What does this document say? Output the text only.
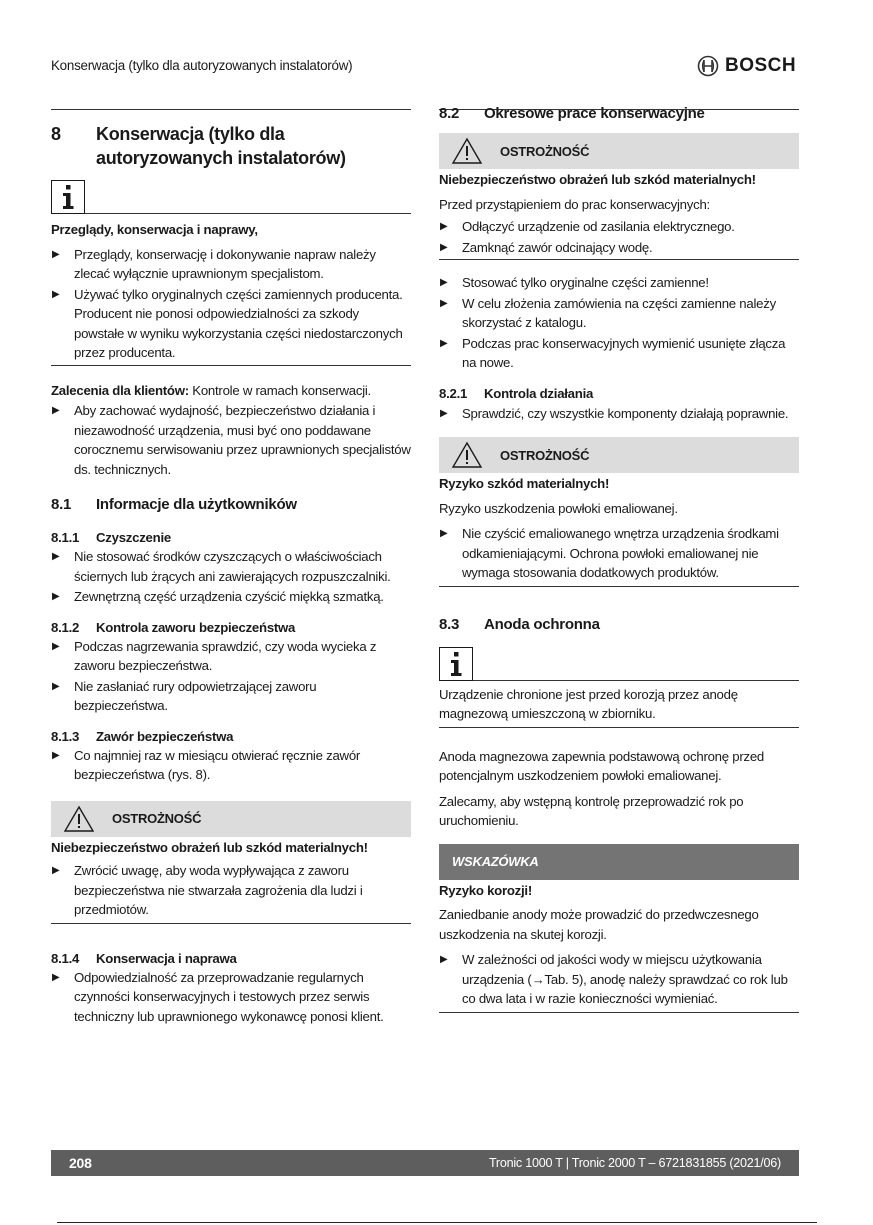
Konserwacja (tylko dla autoryzowanych instalatorów)	BOSCH
8	Konserwacja (tylko dla autoryzowanych instalatorów)

Przeglądy, konserwacja i naprawy,

▶ Przeglądy, konserwację i dokonywanie napraw należy zlecać wyłącznie uprawnionym specjalistom.
▶ Używać tylko oryginalnych części zamiennych producenta. Producent nie ponosi odpowiedzialności za szkody powstałe w wyniku wykorzystania części niedostarczonych przez producenta.

Zalecenia dla klientów: Kontrole w ramach konserwacji.

▶ Aby zachować wydajność, bezpieczeństwo działania i niezawodność urządzenia, musi być ono poddawane corocznemu serwisowaniu przez uprawnionych specjalistów ds. technicznych.
8.1	Informacje dla użytkowników
8.1.1	Czyszczenie
▶ Nie stosować środków czyszczących o właściwościach ściernych lub żrących ani zawierających rozpuszczalniki.
▶ Zewnętrzną część urządzenia czyścić miękką szmatką.
8.1.2	Kontrola zaworu bezpieczeństwa
▶ Podczas nagrzewania sprawdzić, czy woda wycieka z zaworu bezpieczeństwa.
▶ Nie zasłaniać rury odpowietrzającej zaworu bezpieczeństwa.
8.1.3	Zawór bezpieczeństwa
▶ Co najmniej raz w miesiącu otwierać ręcznie zawór bezpieczeństwa (rys. 8).
OSTROŻNOŚĆ

Niebezpieczeństwo obrażeń lub szkód materialnych!

▶ Zwrócić uwagę, aby woda wypływająca z zaworu bezpieczeństwa nie stwarzała zagrożenia dla ludzi i przedmiotów.
8.1.4	Konserwacja i naprawa
▶ Odpowiedzialność za przeprowadzanie regularnych czynności konserwacyjnych i testowych przez serwis techniczny lub uprawnionego wykonawcę ponosi klient.
8.2	Okresowe prace konserwacyjne
OSTROŻNOŚĆ

Niebezpieczeństwo obrażeń lub szkód materialnych!

Przed przystąpieniem do prac konserwacyjnych:

▶ Odłączyć urządzenie od zasilania elektrycznego.
▶ Zamknąć zawór odcinający wodę.
▶ Stosować tylko oryginalne części zamienne!
▶ W celu złożenia zamówienia na części zamienne należy skorzystać z katalogu.
▶ Podczas prac konserwacyjnych wymienić usunięte złącza na nowe.
8.2.1	Kontrola działania
▶ Sprawdzić, czy wszystkie komponenty działają poprawnie.
OSTROŻNOŚĆ

Ryzyko szkód materialnych!

Ryzyko uszkodzenia powłoki emaliowanej.

▶ Nie czyścić emaliowanego wnętrza urządzenia środkami odkamieniającymi. Ochrona powłoki emaliowanej nie wymaga stosowania dodatkowych produktów.
8.3	Anoda ochronna

Urządzenie chronione jest przed korozją przez anodę magnezową umieszczoną w zbiorniku.

Anoda magnezowa zapewnia podstawową ochronę przed potencjalnym uszkodzeniem powłoki emaliowanej.

Zalecamy, aby wstępną kontrolę przeprowadzić rok po uruchomieniu.

WSKAZÓWKA

Ryzyko korozji!

Zaniedbanie anody może prowadzić do przedwczesnego uszkodzenia na skutej korozji.

▶ W zależności od jakości wody w miejscu użytkowania urządzenia (→Tab. 5), anodę należy sprawdzać co rok lub co dwa lata i w razie konieczności wymieniać.
208	Tronic 1000 T | Tronic 2000 T – 6721831855 (2021/06)
